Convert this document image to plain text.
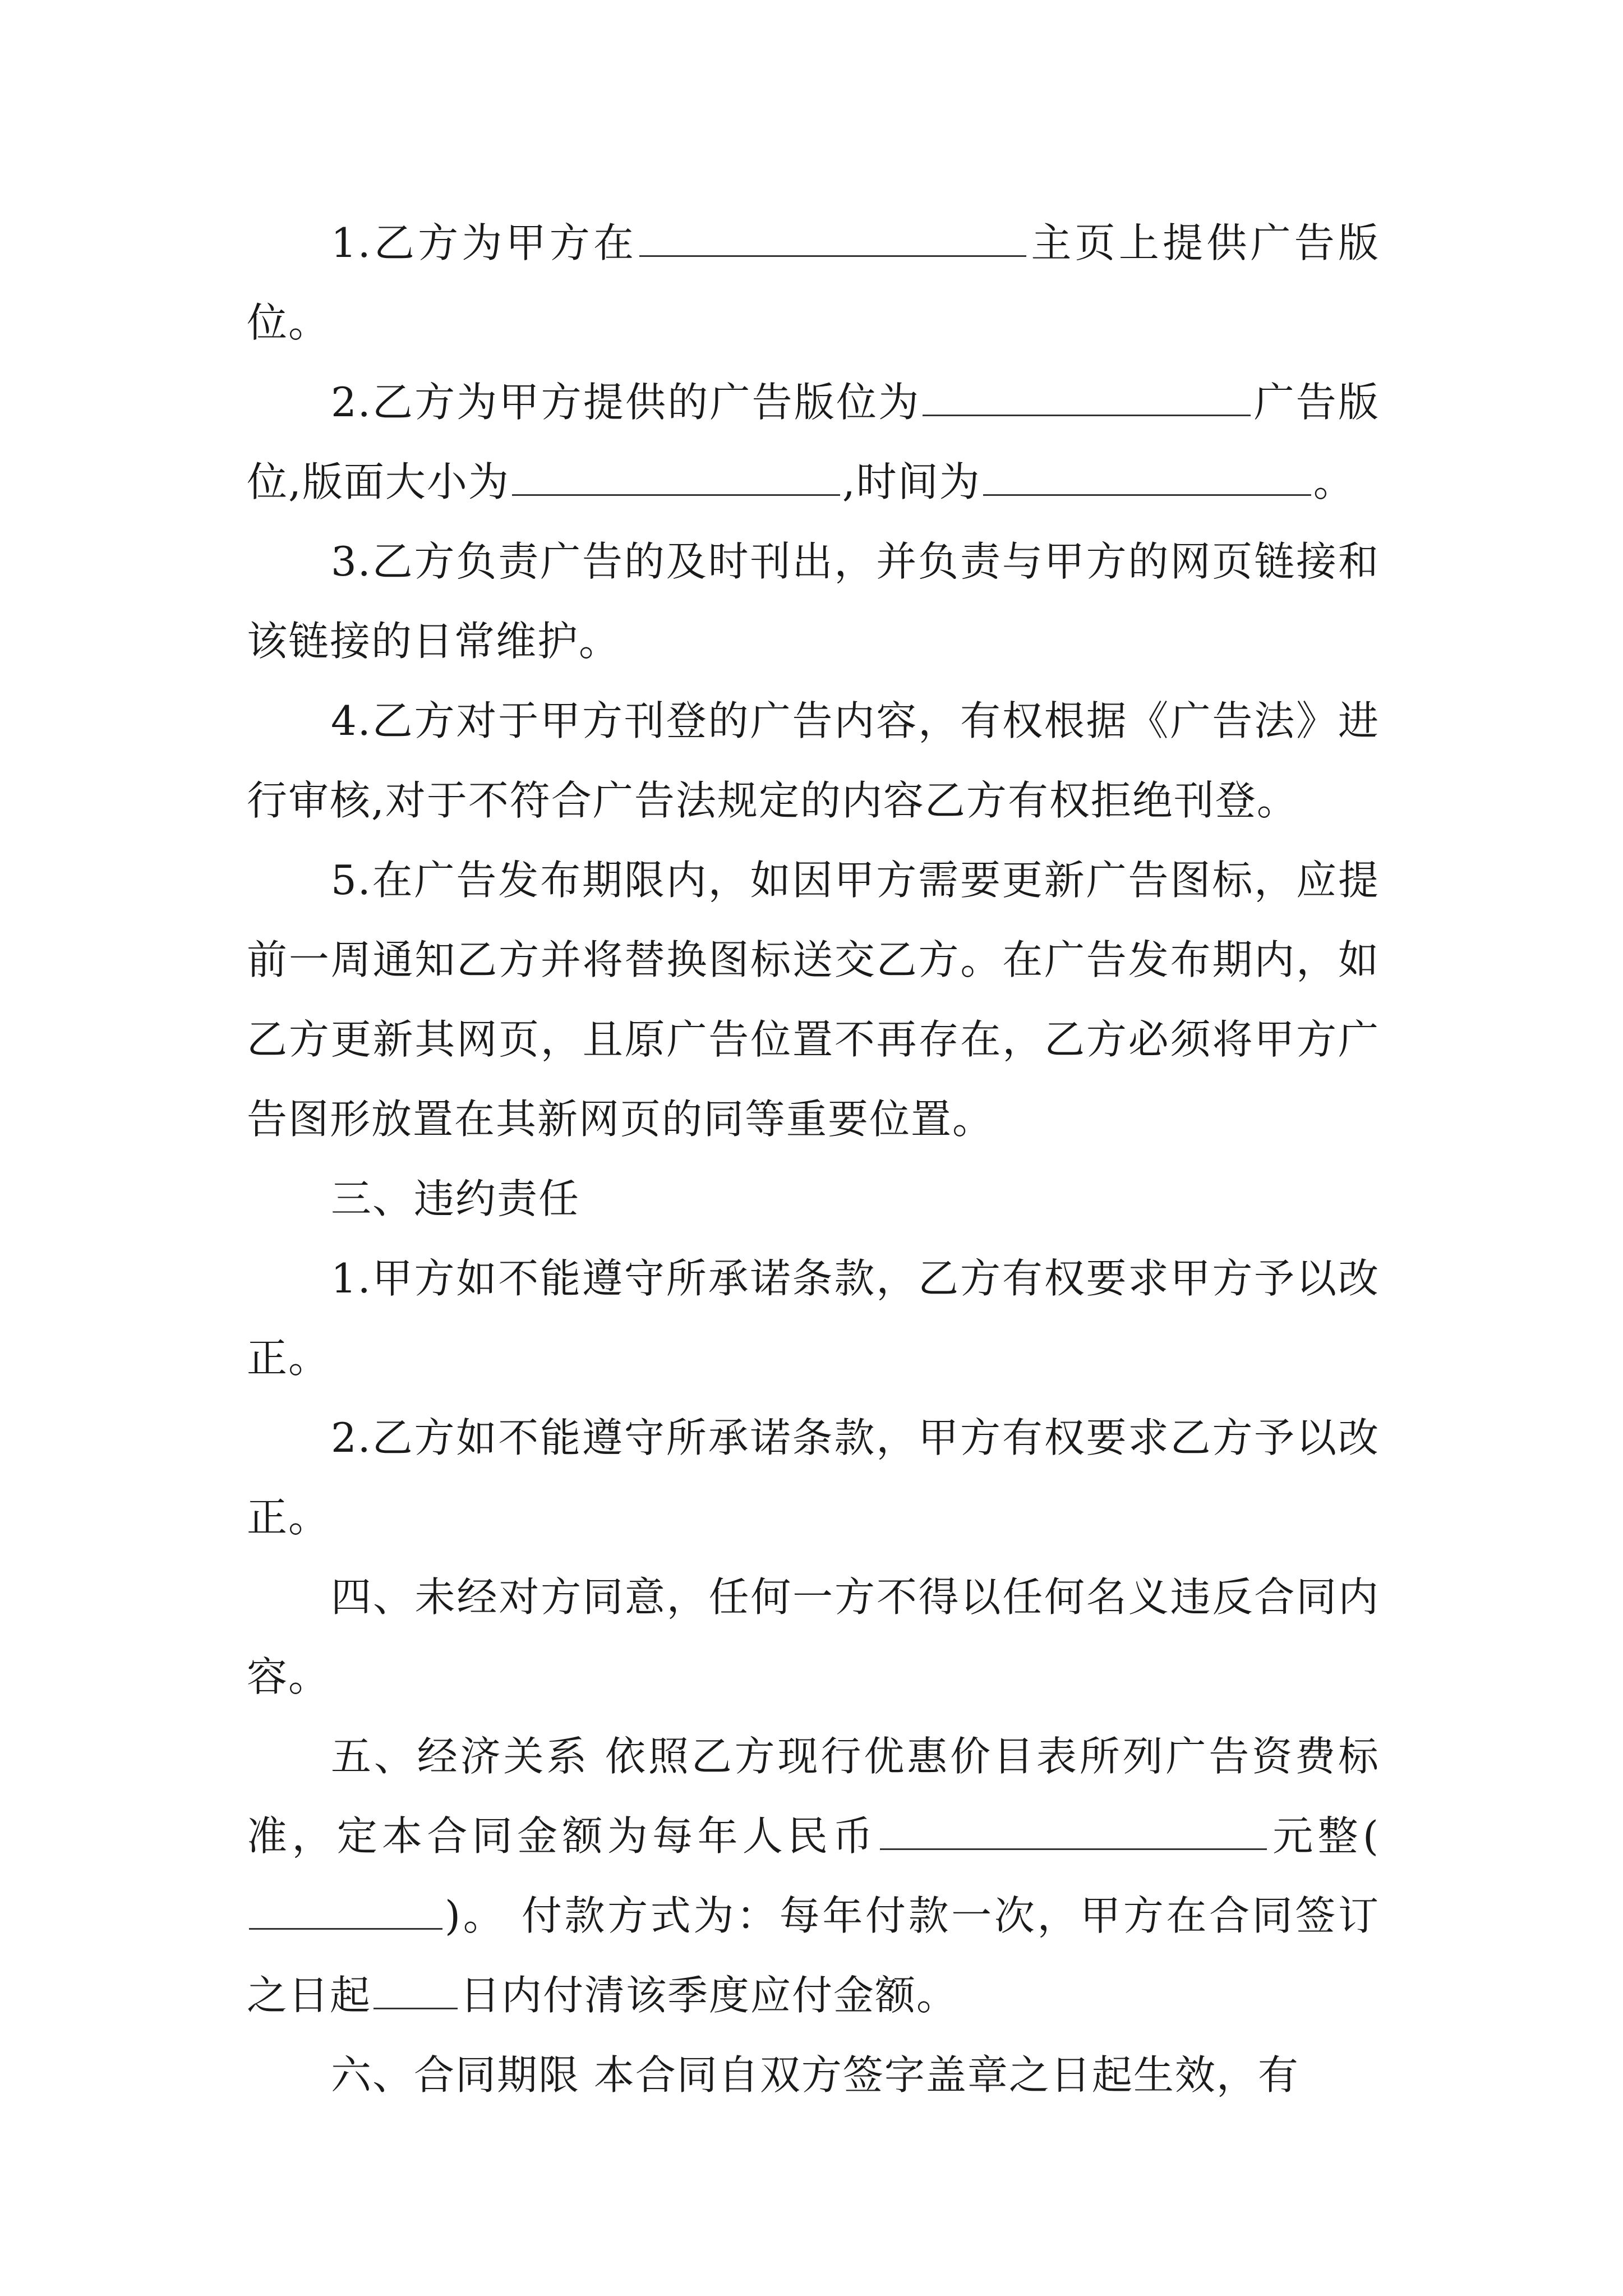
1.乙方为甲方在	主页上提供广告版位。

2.乙方为甲方提供的广告版位为	广告版位,版面大小为	,时间为	。

3.乙方负责广告的及时刊出，并负责与甲方的网页链接和该链接的日常维护。

4.乙方对于甲方刊登的广告内容，有权根据《广告法》进行审核,对于不符合广告法规定的内容乙方有权拒绝刊登。

5.在广告发布期限内，如因甲方需要更新广告图标，应提前一周通知乙方并将替换图标送交乙方。在广告发布期内，如乙方更新其网页，且原广告位置不再存在，乙方必须将甲方广告图形放置在其新网页的同等重要位置。

三、违约责任

1.甲方如不能遵守所承诺条款，乙方有权要求甲方予以改正。

2.乙方如不能遵守所承诺条款，甲方有权要求乙方予以改正。

四、未经对方同意，任何一方不得以任何名义违反合同内容。

五、经济关系 依照乙方现行优惠价目表所列广告资费标准，定本合同金额为每年人民币	元整()。 付款方式为：每年付款一次，甲方在合同签订之日起 日内付清该季度应付金额。

六、合同期限 本合同自双方签字盖章之日起生效，有
